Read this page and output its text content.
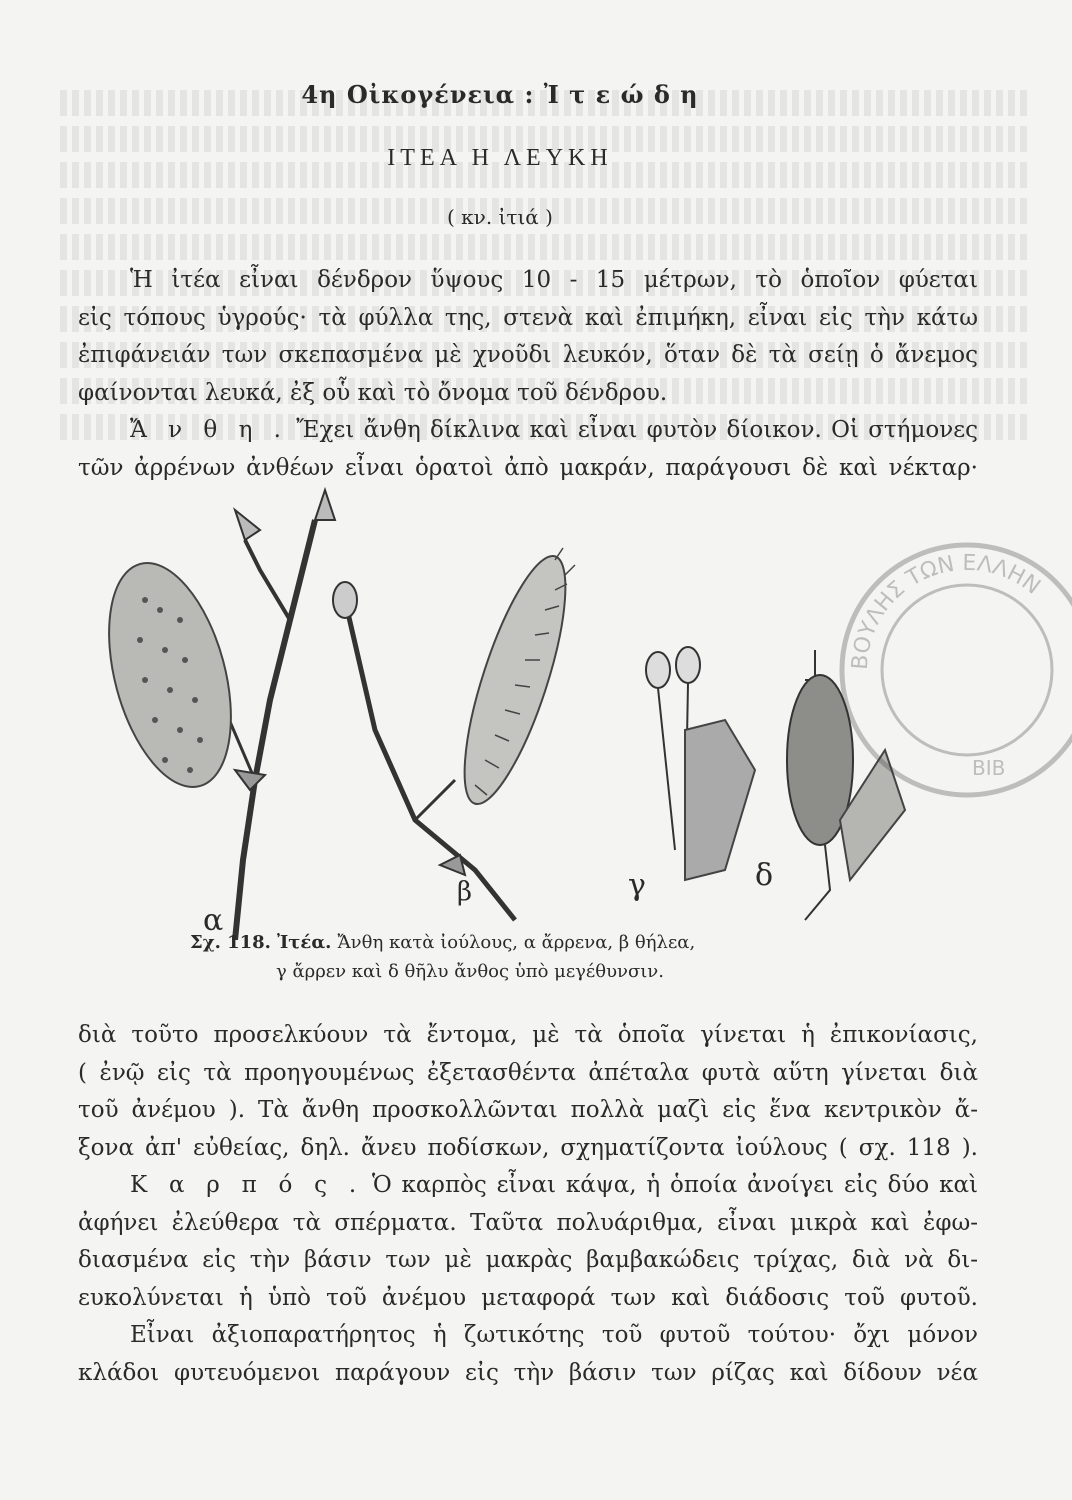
4η Οἰκογένεια : Ἰ τ ε ώ δ η
ΙΤΕΑ Η ΛΕΥΚΗ
( κν. ἰτιά )
Ἡ ἰτέα εἶναι δένδρον ὕψους 10 - 15 μέτρων, τὸ ὁποῖον φύεται
εἰς τόπους ὑγρούς· τὰ φύλλα της, στενὰ καὶ ἐπιμήκη, εἶναι εἰς τὴν κάτω
ἐπιφάνειάν των σκεπασμένα μὲ χνοῦδι λευκόν, ὅταν δὲ τὰ σείῃ ὁ ἄνεμος
φαίνονται λευκά, ἐξ οὗ καὶ τὸ ὄνομα τοῦ δένδρου.
Ἄ ν θ η . Ἔχει ἄνθη δίκλινα καὶ εἶναι φυτὸν δίοικον. Οἱ στήμονες
τῶν ἀρρένων ἀνθέων εἶναι ὁρατοὶ ἀπὸ μακράν, παράγουσι δὲ καὶ νέκταρ·
α
β	γ	δ
ΒΟΥΛΗΣ ΤΩΝ ΕΛΛΗΝ
ΒΙΒ
Σχ. 118. Ἰτέα. Ἄνθη κατὰ ἰούλους, α ἄρρενα, β θήλεα,
γ ἄρρεν καὶ δ θῆλυ ἄνθος ὑπὸ μεγέθυνσιν.
διὰ τοῦτο προσελκύουν τὰ ἔντομα, μὲ τὰ ὁποῖα γίνεται ἡ ἐπικονίασις,
( ἐνῷ εἰς τὰ προηγουμένως ἐξετασθέντα ἀπέταλα φυτὰ αὕτη γίνεται διὰ
τοῦ ἀνέμου ). Τὰ ἄνθη προσκολλῶνται πολλὰ μαζὶ εἰς ἕνα κεντρικὸν ἄ-
ξονα ἀπ' εὐθείας, δηλ. ἄνευ ποδίσκων, σχηματίζοντα ἰούλους ( σχ. 118 ).
Κ α ρ π ό ς . Ὁ καρπὸς εἶναι κάψα, ἡ ὁποία ἀνοίγει εἰς δύο καὶ
ἀφήνει ἐλεύθερα τὰ σπέρματα. Ταῦτα πολυάριθμα, εἶναι μικρὰ καὶ ἐφω-
διασμένα εἰς τὴν βάσιν των μὲ μακρὰς βαμβακώδεις τρίχας, διὰ νὰ δι-
ευκολύνεται ἡ ὑπὸ τοῦ ἀνέμου μεταφορά των καὶ διάδοσις τοῦ φυτοῦ.
Εἶναι ἀξιοπαρατήρητος ἡ ζωτικότης τοῦ φυτοῦ τούτου· ὄχι μόνον
κλάδοι φυτευόμενοι παράγουν εἰς τὴν βάσιν των ρίζας καὶ δίδουν νέα
